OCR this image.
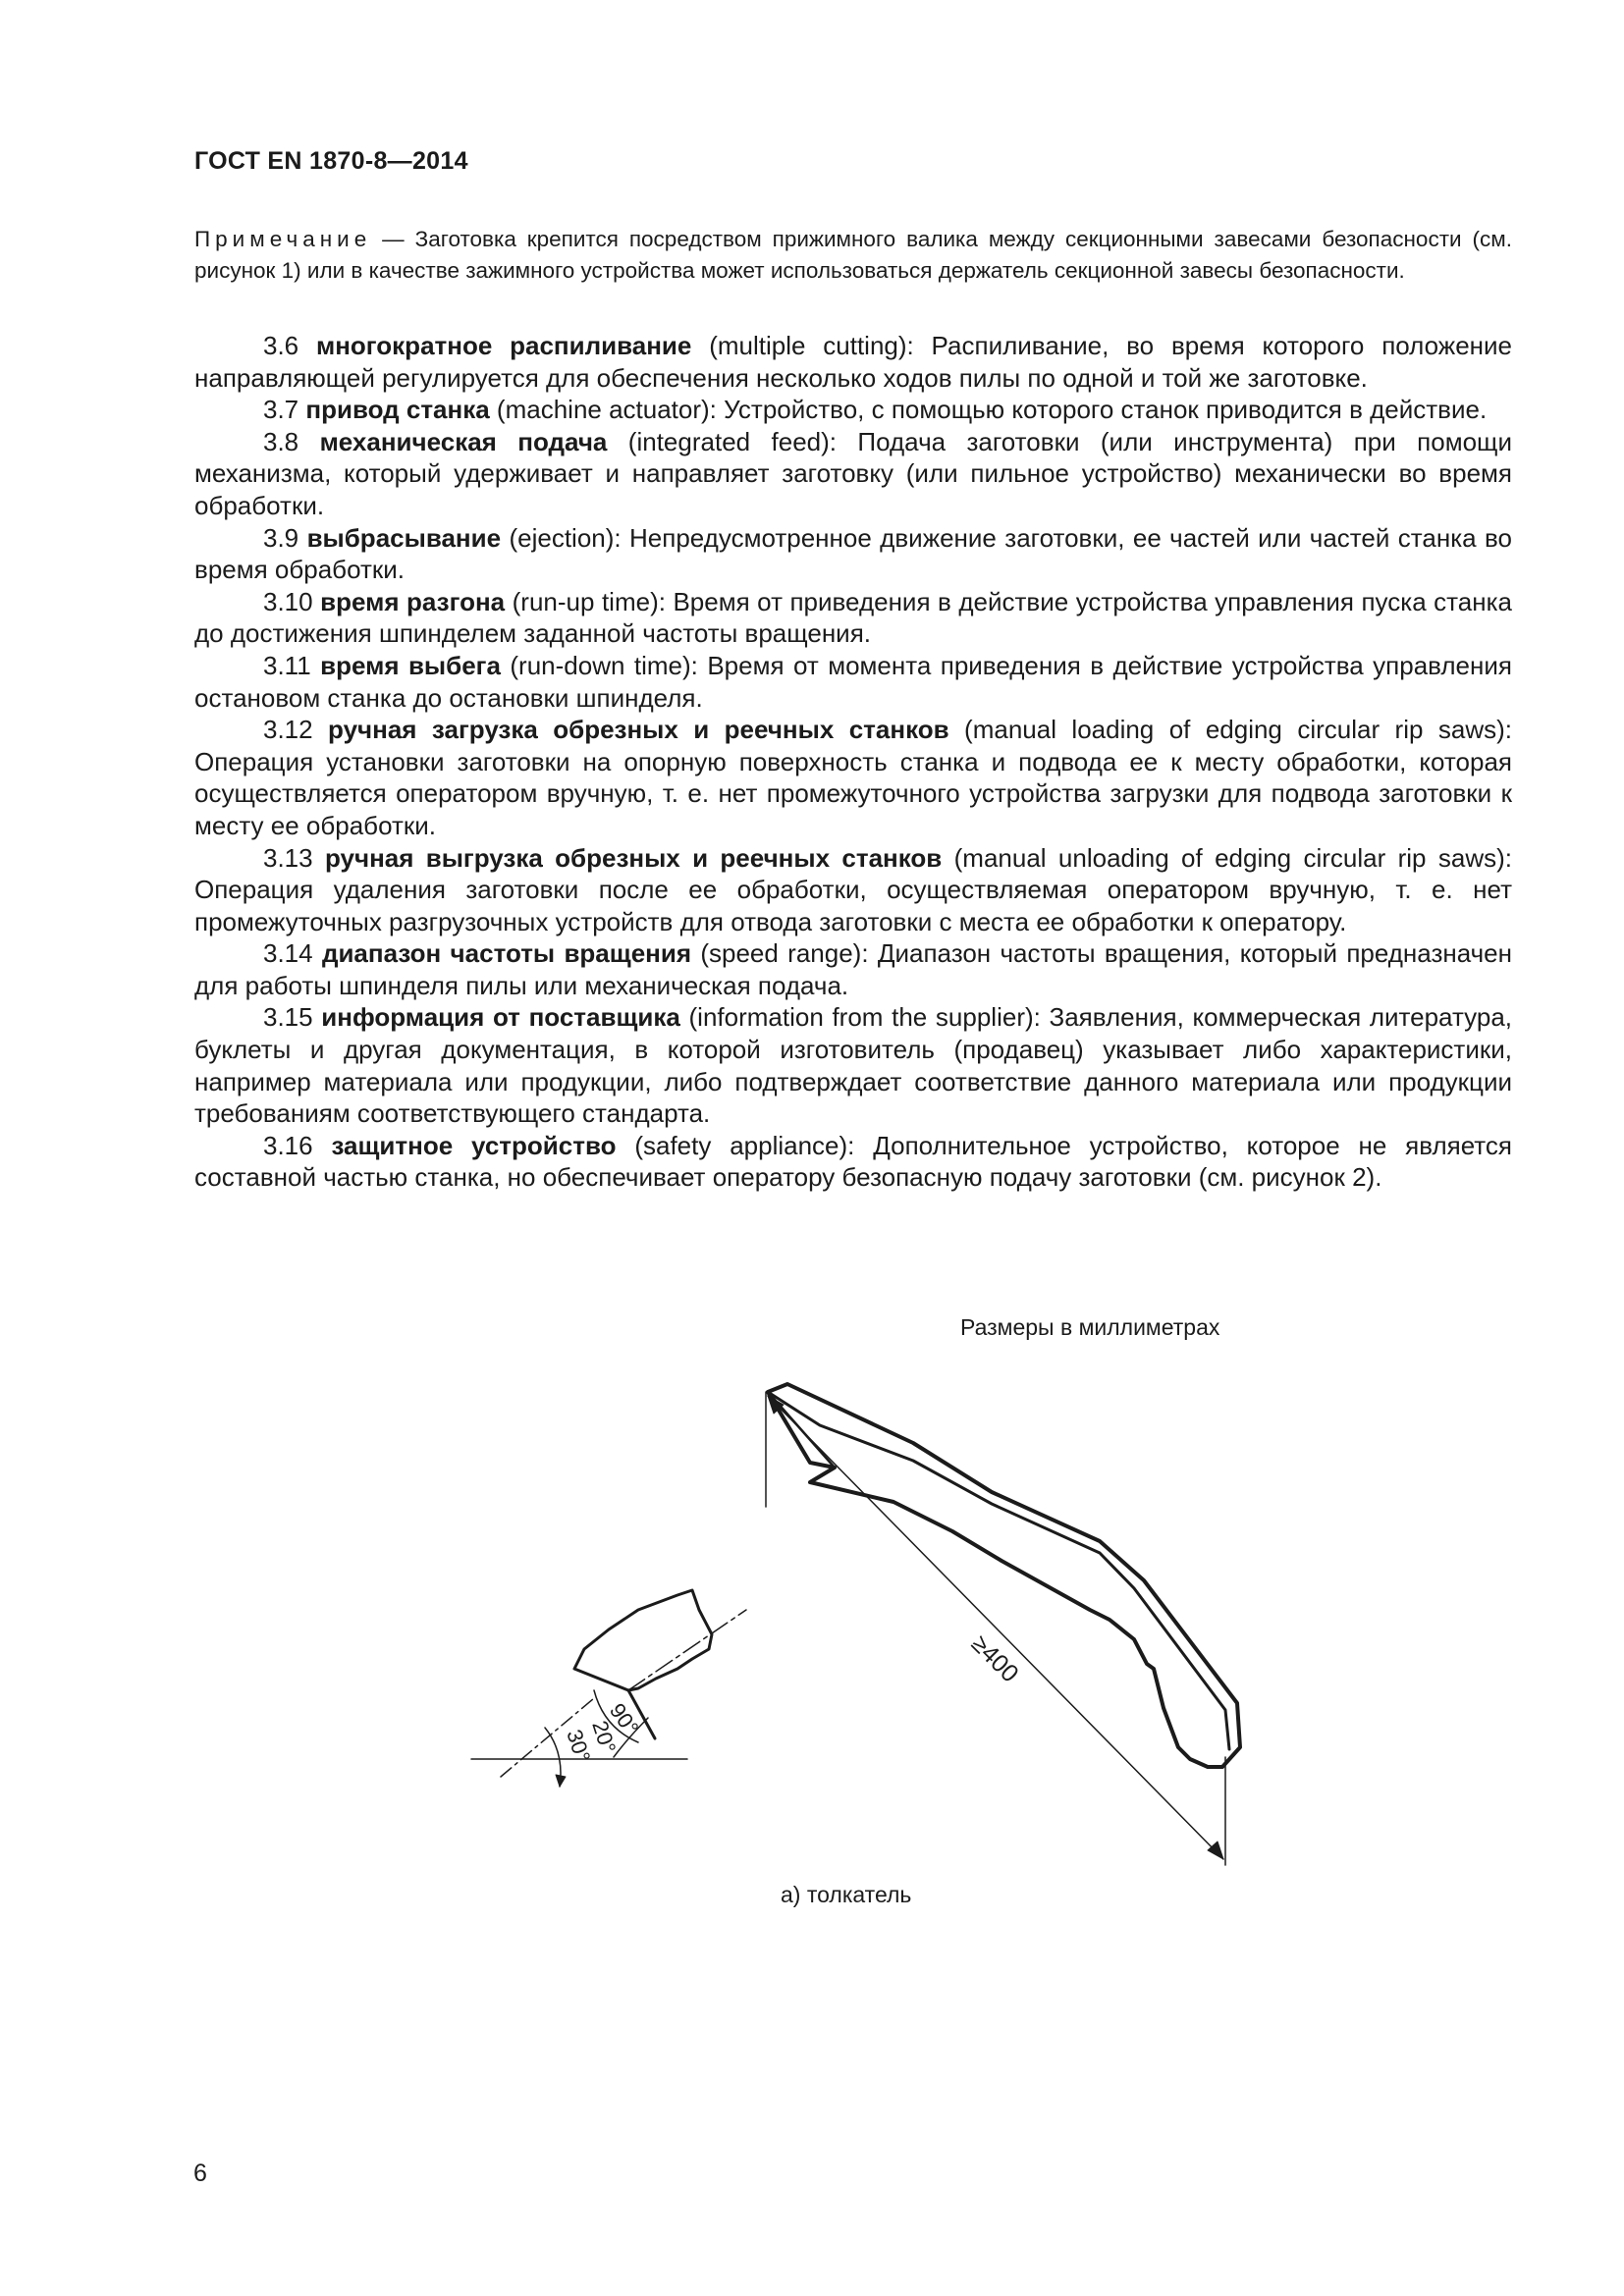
ГОСТ EN 1870-8—2014
Примечание — Заготовка крепится посредством прижимного валика между секционными завесами безопасности (см. рисунок 1) или в качестве зажимного устройства может использоваться держатель секционной завесы безопасности.

3.6 многократное распиливание (multiple cutting): Распиливание, во время которого положение направляющей регулируется для обеспечения несколько ходов пилы по одной и той же заготовке.

3.7 привод станка (machine actuator): Устройство, с помощью которого станок приводится в действие.

3.8 механическая подача (integrated feed): Подача заготовки (или инструмента) при помощи механизма, который удерживает и направляет заготовку (или пильное устройство) механически во время обработки.

3.9 выбрасывание (ejection): Непредусмотренное движение заготовки, ее частей или частей станка во время обработки.

3.10 время разгона (run-up time): Время от приведения в действие устройства управления пуска станка до достижения шпинделем заданной частоты вращения.

3.11 время выбега (run-down time): Время от момента приведения в действие устройства управления остановом станка до остановки шпинделя.

3.12 ручная загрузка обрезных и реечных станков (manual loading of edging circular rip saws): Операция установки заготовки на опорную поверхность станка и подвода ее к месту обработки, которая осуществляется оператором вручную, т. е. нет промежуточного устройства загрузки для подвода заготовки к месту ее обработки.

3.13 ручная выгрузка обрезных и реечных станков (manual unloading of edging circular rip saws): Операция удаления заготовки после ее обработки, осуществляемая оператором вручную, т. е. нет промежуточных разгрузочных устройств для отвода заготовки с места ее обработки к оператору.

3.14 диапазон частоты вращения (speed range): Диапазон частоты вращения, который предназначен для работы шпинделя пилы или механическая подача.

3.15 информация от поставщика (information from the supplier): Заявления, коммерческая литература, буклеты и другая документация, в которой изготовитель (продавец) указывает либо характеристики, например материала или продукции, либо подтверждает соответствие данного материала или продукции требованиям соответствующего стандарта.

3.16 защитное устройство (safety appliance): Дополнительное устройство, которое не является составной частью станка, но обеспечивает оператору безопасную подачу заготовки (см. рисунок 2).

Размеры в миллиметрах
≥400
90°
20°
30°
а) толкатель
6
